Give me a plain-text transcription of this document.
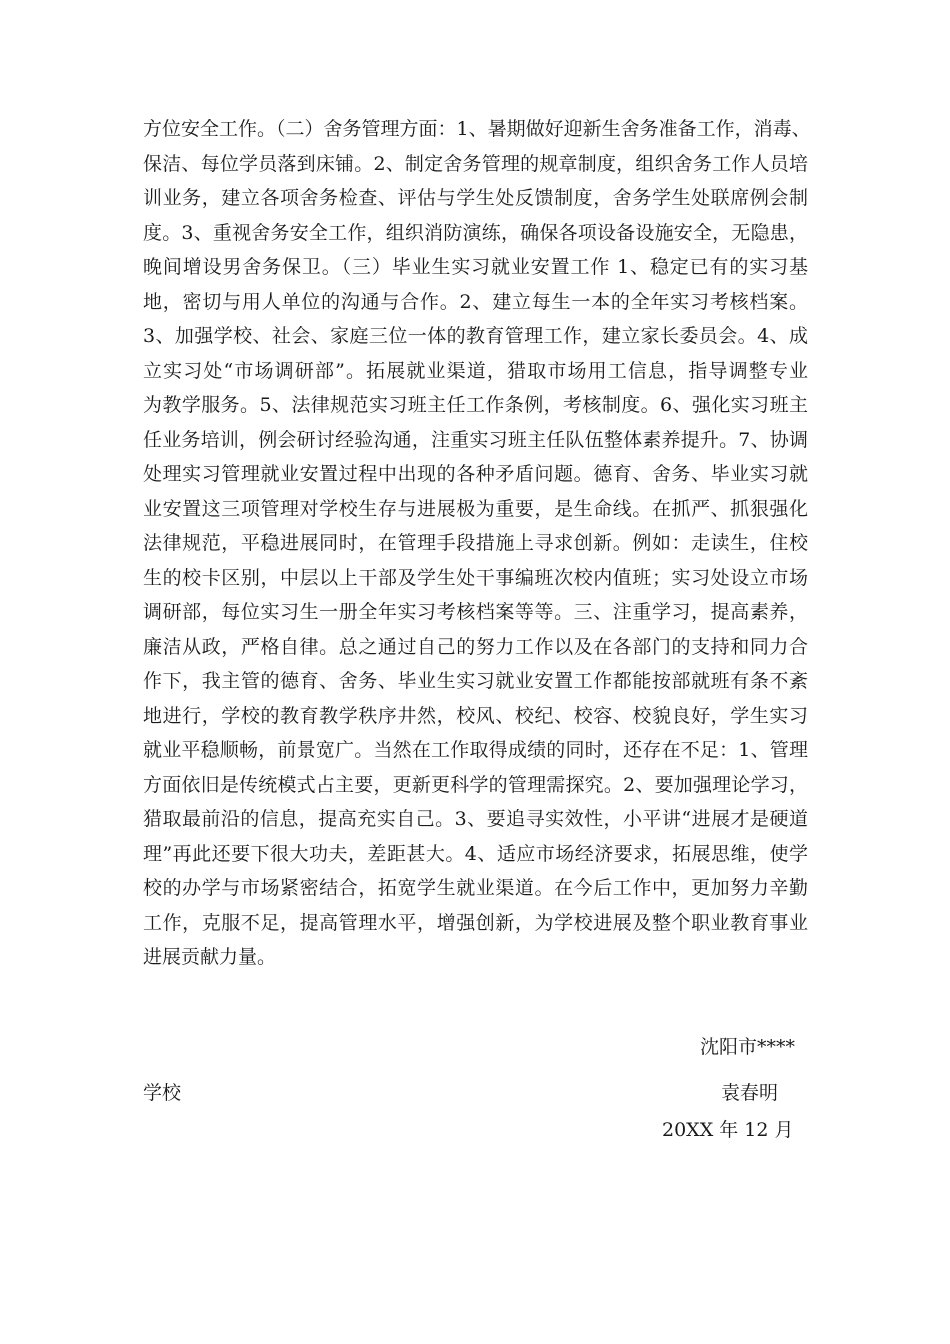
方位安全工作。（二）舍务管理方面：1、暑期做好迎新生舍务准备工作，消毒、
保洁、每位学员落到床铺。2、制定舍务管理的规章制度，组织舍务工作人员培
训业务，建立各项舍务检查、评估与学生处反馈制度，舍务学生处联席例会制
度。3、重视舍务安全工作，组织消防演练，确保各项设备设施安全，无隐患，
晚间增设男舍务保卫。（三）毕业生实习就业安置工作 1、稳定已有的实习基
地，密切与用人单位的沟通与合作。2、建立每生一本的全年实习考核档案。
3、加强学校、社会、家庭三位一体的教育管理工作，建立家长委员会。4、成
立实习处“市场调研部”。拓展就业渠道，猎取市场用工信息，指导调整专业
为教学服务。5、法律规范实习班主任工作条例，考核制度。6、强化实习班主
任业务培训，例会研讨经验沟通，注重实习班主任队伍整体素养提升。7、协调
处理实习管理就业安置过程中出现的各种矛盾问题。德育、舍务、毕业实习就
业安置这三项管理对学校生存与进展极为重要，是生命线。在抓严、抓狠强化
法律规范，平稳进展同时，在管理手段措施上寻求创新。例如：走读生，住校
生的校卡区别，中层以上干部及学生处干事编班次校内值班；实习处设立市场
调研部，每位实习生一册全年实习考核档案等等。三、注重学习，提高素养，
廉洁从政，严格自律。总之通过自己的努力工作以及在各部门的支持和同力合
作下，我主管的德育、舍务、毕业生实习就业安置工作都能按部就班有条不紊
地进行，学校的教育教学秩序井然，校风、校纪、校容、校貌良好，学生实习
就业平稳顺畅，前景宽广。当然在工作取得成绩的同时，还存在不足：1、管理
方面依旧是传统模式占主要，更新更科学的管理需探究。2、要加强理论学习，
猎取最前沿的信息，提高充实自己。3、要追寻实效性，小平讲“进展才是硬道
理”再此还要下很大功夫，差距甚大。4、适应市场经济要求，拓展思维，使学
校的办学与市场紧密结合，拓宽学生就业渠道。在今后工作中，更加努力辛勤
工作，克服不足，提高管理水平，增强创新，为学校进展及整个职业教育事业
进展贡献力量。
沈阳市****
学校	袁春明
20XX 年 12 月
